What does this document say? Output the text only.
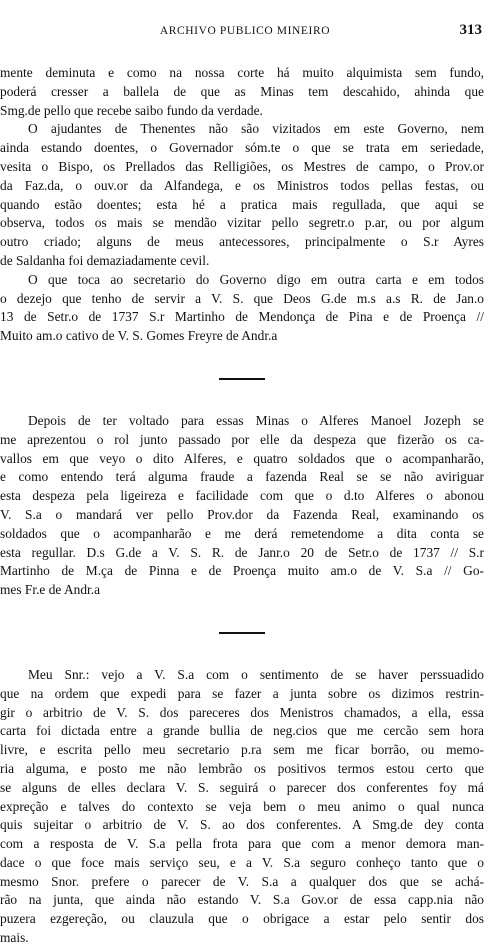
ARCHIVO PUBLICO MINEIRO	313
mente deminuta e como na nossa corte há muito alquimista sem fundo,
poderá cresser a ballela de que as Minas tem descahido, ahinda que
Smg.de pello que recebe saibo fundo da verdade.
O ajudantes de Thenentes não são vizitados em este Governo, nem
ainda estando doentes, o Governador sóm.te o que se trata em seriedade,
vesita o Bispo, os Prellados das Relligiões, os Mestres de campo, o Prov.or
da Faz.da, o ouv.or da Alfandega, e os Ministros todos pellas festas, ou
quando estão doentes; esta hé a pratica mais regullada, que aqui se
observa, todos os mais se mendão vizitar pello segretr.o p.ar, ou por algum
outro criado; alguns de meus antecessores, principalmente o S.r Ayres
de Saldanha foi demaziadamente cevil.
O que toca ao secretario do Governo digo em outra carta e em todos
o dezejo que tenho de servir a V. S. que Deos G.de m.s a.s R. de Jan.o
13 de Setr.o de 1737 S.r Martinho de Mendonça de Pina e de Proença //
Muito am.o cativo de V. S. Gomes Freyre de Andr.a
Depois de ter voltado para essas Minas o Alferes Manoel Jozeph se
me aprezentou o rol junto passado por elle da despeza que fizerão os ca-
vallos em que veyo o dito Alferes, e quatro soldados que o acompanharão,
e como entendo terá alguma fraude a fazenda Real se se não aviriguar
esta despeza pela ligeireza e facilidade com que o d.to Alferes o abonou
V. S.a o mandará ver pello Prov.dor da Fazenda Real, examinando os
soldados que o acompanharão e me derá remetendome a dita conta se
esta regullar. D.s G.de a V. S. R. de Janr.o 20 de Setr.o de 1737 // S.r
Martinho de M.ça de Pinna e de Proença muito am.o de V. S.a // Go-
mes Fr.e de Andr.a
Meu Snr.: vejo a V. S.a com o sentimento de se haver perssuadido
que na ordem que expedi para se fazer a junta sobre os dizimos restrin-
gir o arbitrio de V. S. dos pareceres dos Menistros chamados, a ella, essa
carta foi dictada entre a grande bullia de neg.cios que me cercão sem hora
livre, e escrita pello meu secretario p.ra sem me ficar borrão, ou memo-
ria alguma, e posto me não lembrão os positivos termos estou certo que
se alguns de elles declara V. S. seguirá o parecer dos conferentes foy má
expreção e talves do contexto se veja bem o meu animo o qual nunca
quis sujeitar o arbitrio de V. S. ao dos conferentes. A Smg.de dey conta
com a resposta de V. S.a pella frota para que com a menor demora man-
dace o que foce mais serviço seu, e a V. S.a seguro conheço tanto que o
mesmo Snor. prefere o parecer de V. S.a a qualquer dos que se achá-
rão na junta, que ainda não estando V. S.a Gov.or de essa capp.nia não
puzera ezgereção, ou clauzula que o obrigace a estar pelo sentir dos
mais.
